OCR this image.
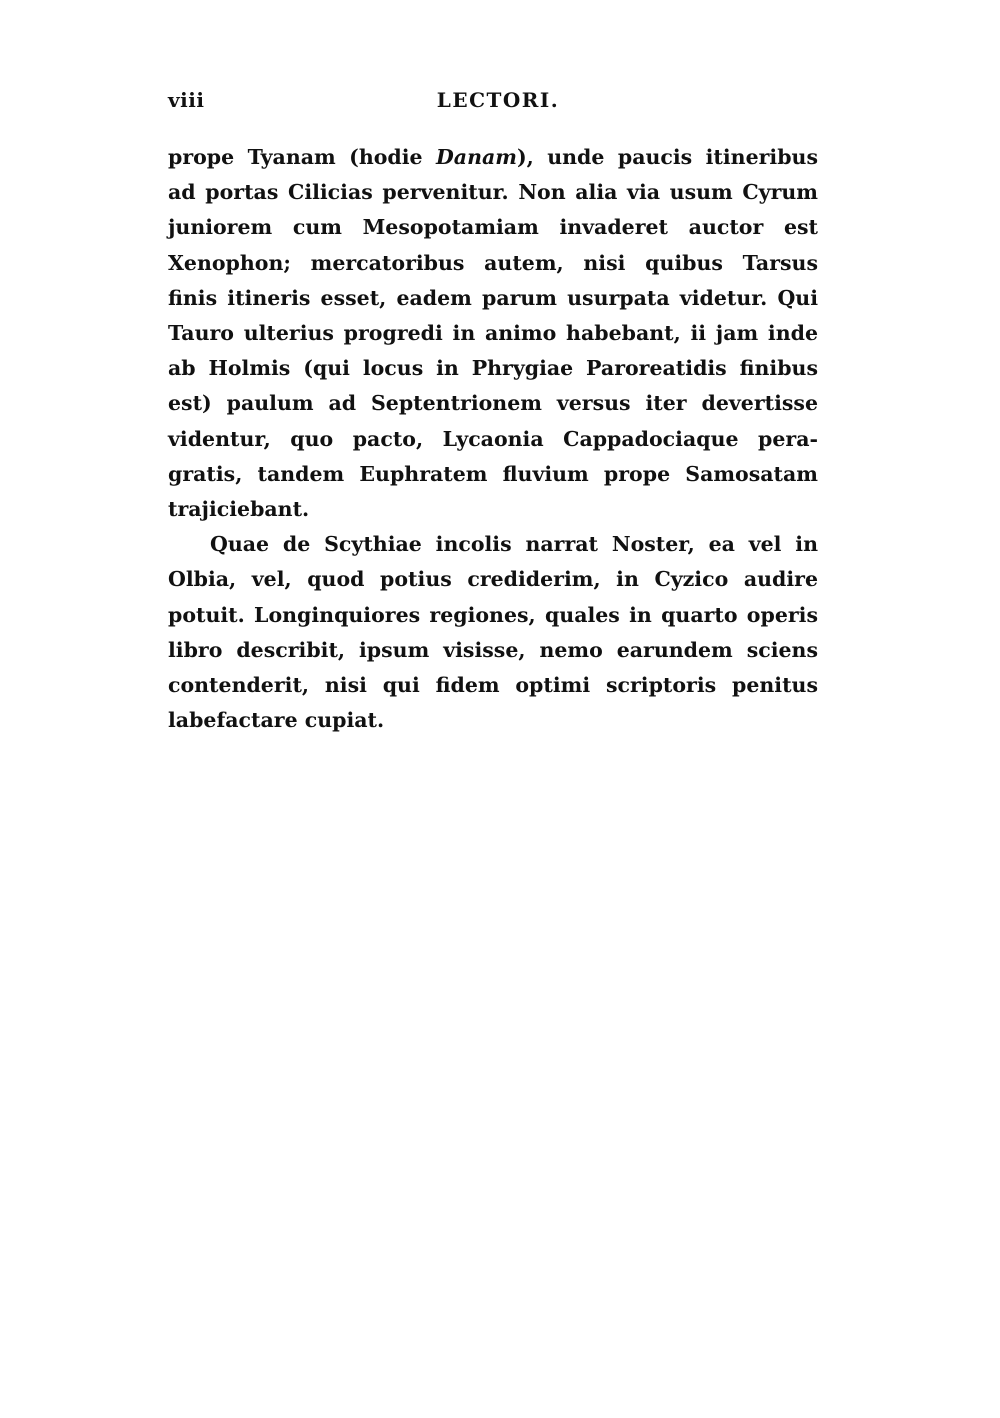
viii	LECTORI.

prope Tyanam (hodie Danam), unde paucis itineribus
ad portas Cilicias pervenitur. Non alia via usum Cyrum
juniorem cum Mesopotamiam invaderet auctor est
Xenophon; mercatoribus autem, nisi quibus Tarsus
finis itineris esset, eadem parum usurpata videtur. Qui
Tauro ulterius progredi in animo habebant, ii jam inde
ab Holmis (qui locus in Phrygiae Paroreatidis finibus
est) paulum ad Septentrionem versus iter devertisse
videntur, quo pacto, Lycaonia Cappadociaque pera-
gratis, tandem Euphratem fluvium prope Samosatam
trajiciebant.

Quae de Scythiae incolis narrat Noster, ea vel in
Olbia, vel, quod potius crediderim, in Cyzico audire
potuit. Longinquiores regiones, quales in quarto operis
libro describit, ipsum visisse, nemo earundem sciens
contenderit, nisi qui fidem optimi scriptoris penitus
labefactare cupiat.
